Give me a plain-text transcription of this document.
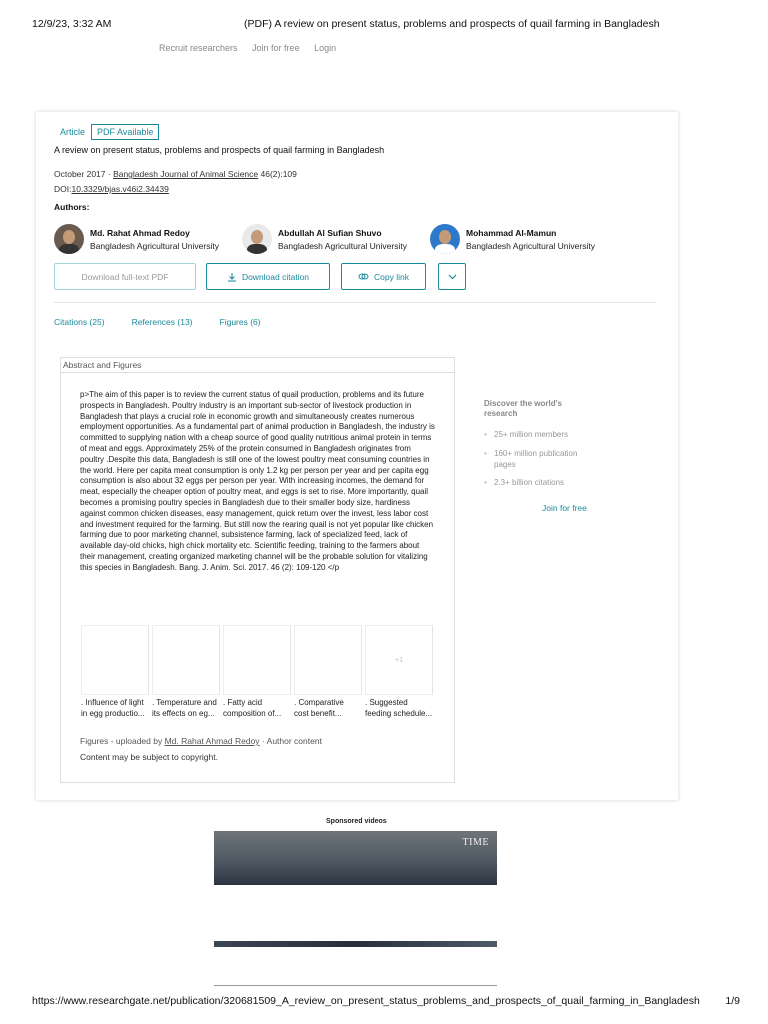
12/9/23, 3:32 AM	(PDF) A review on present status, problems and prospects of quail farming in Bangladesh
Recruit researchers Join for free Login
Article	PDF Available
A review on present status, problems and prospects of quail farming in Bangladesh
October 2017 · Bangladesh Journal of Animal Science 46(2):109
DOI:10.3329/bjas.v46i2.34439
Authors:
Md. Rahat Ahmad Redoy
Bangladesh Agricultural University
Abdullah Al Sufian Shuvo
Bangladesh Agricultural University
Mohammad Al-Mamun
Bangladesh Agricultural University
Download full-text PDF	Download citation	Copy link
Citations (25)	References (13)	Figures (6)
Abstract and Figures
p>The aim of this paper is to review the current status of quail production, problems and its future prospects in Bangladesh. Poultry industry is an important sub-sector of livestock production in Bangladesh that plays a crucial role in economic growth and simultaneously creates numerous employment opportunities. As a fundamental part of animal production in Bangladesh, the industry is committed to supplying nation with a cheap source of good quality nutritious animal protein in terms of meat and eggs. Approximately 25% of the protein consumed in Bangladesh originates from poultry .Despite this data, Bangladesh is still one of the lowest poultry meat consuming countries in the world. Here per capita meat consumption is only 1.2 kg per person per year and per capita egg consumption is also about 32 eggs per person per year. With increasing incomes, the demand for meat, especially the cheaper option of poultry meat, and eggs is set to rise. More importantly, quail becomes a promising poultry species in Bangladesh due to their smaller body size, hardiness against common chicken diseases, easy management, quick return over the invest, less labor cost and investment required for the farming. But still now the rearing quail is not yet popular like chicken farming due to poor marketing channel, subsistence farming, lack of specialized feed, lack of available day-old chicks, high chick mortality etc. Scientific feeding, training to the farmers about their management, creating organized marketing channel will be the probable solution for vitalizing this species in Bangladesh. Bang. J. Anim. Sci. 2017. 46 (2): 109-120 </p
. Influence of light
in egg productio...
. Temperature and
its effects on eg...
. Fatty acid
composition of...
. Comparative
cost benefit...
+1
. Suggested
feeding schedule...
Figures - uploaded by Md. Rahat Ahmad Redoy · Author content
Content may be subject to copyright.
Discover the world's research
• 25+ million members
• 160+ million publication pages
• 2.3+ billion citations
Join for free
Sponsored videos
TIME
https://www.researchgate.net/publication/320681509_A_review_on_present_status_problems_and_prospects_of_quail_farming_in_Bangladesh 1/9
